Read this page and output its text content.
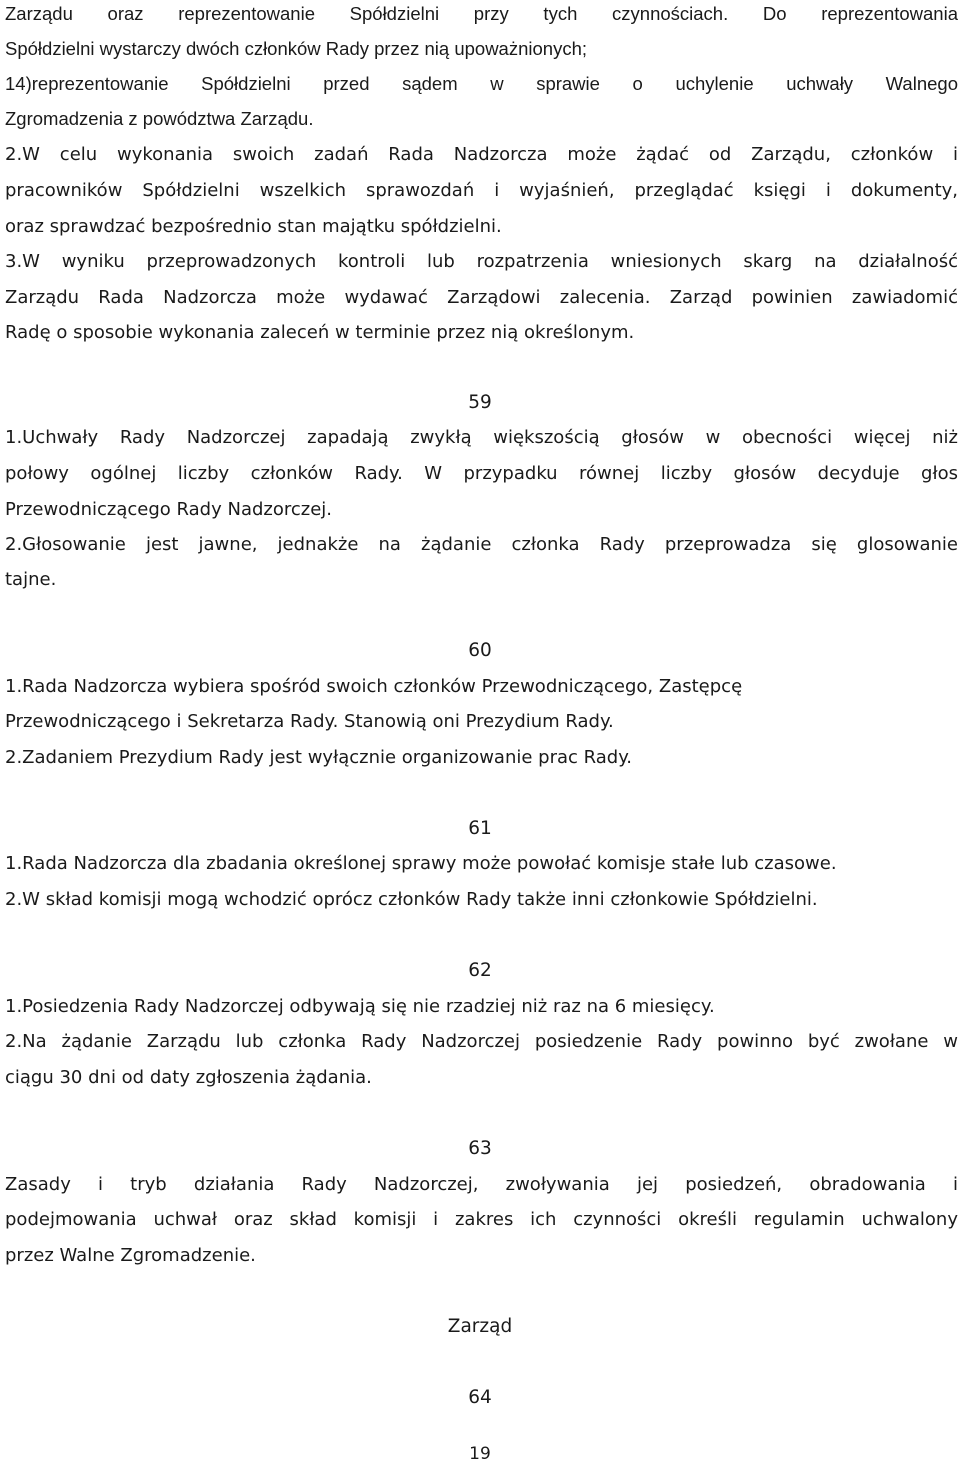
Zarządu oraz reprezentowanie Spółdzielni przy tych czynnościach. Do reprezentowania
Spółdzielni wystarczy dwóch członków Rady przez nią upoważnionych;
14)reprezentowanie Spółdzielni przed sądem w sprawie o uchylenie uchwały Walnego
Zgromadzenia z powództwa Zarządu.
2.W celu wykonania swoich zadań Rada Nadzorcza może żądać od Zarządu, członków i
pracowników Spółdzielni wszelkich sprawozdań i wyjaśnień, przeglądać księgi i dokumenty,
oraz sprawdzać bezpośrednio stan majątku spółdzielni.
3.W wyniku przeprowadzonych kontroli lub rozpatrzenia wniesionych skarg na działalność
Zarządu Rada Nadzorcza może wydawać Zarządowi zalecenia. Zarząd powinien zawiadomić
Radę o sposobie wykonania zaleceń w terminie przez nią określonym.
59
1.Uchwały Rady Nadzorczej zapadają zwykłą większością głosów w obecności więcej niż
połowy ogólnej liczby członków Rady. W przypadku równej liczby głosów decyduje głos
Przewodniczącego Rady Nadzorczej.
2.Głosowanie jest jawne, jednakże na żądanie członka Rady przeprowadza się glosowanie
tajne.
60
1.Rada Nadzorcza wybiera spośród swoich członków Przewodniczącego, Zastępcę
Przewodniczącego i Sekretarza Rady. Stanowią oni Prezydium Rady.
2.Zadaniem Prezydium Rady jest wyłącznie organizowanie prac Rady.
61
1.Rada Nadzorcza dla zbadania określonej sprawy może powołać komisje stałe lub czasowe.
2.W skład komisji mogą wchodzić oprócz członków Rady także inni członkowie Spółdzielni.
62
1.Posiedzenia Rady Nadzorczej odbywają się nie rzadziej niż raz na 6 miesięcy.
2.Na żądanie Zarządu lub członka Rady Nadzorczej posiedzenie Rady powinno być zwołane w
ciągu 30 dni od daty zgłoszenia żądania.
63
Zasady i tryb działania Rady Nadzorczej, zwoływania jej posiedzeń, obradowania i
podejmowania uchwał oraz skład komisji i zakres ich czynności określi regulamin uchwalony
przez Walne Zgromadzenie.
Zarząd
64
19
